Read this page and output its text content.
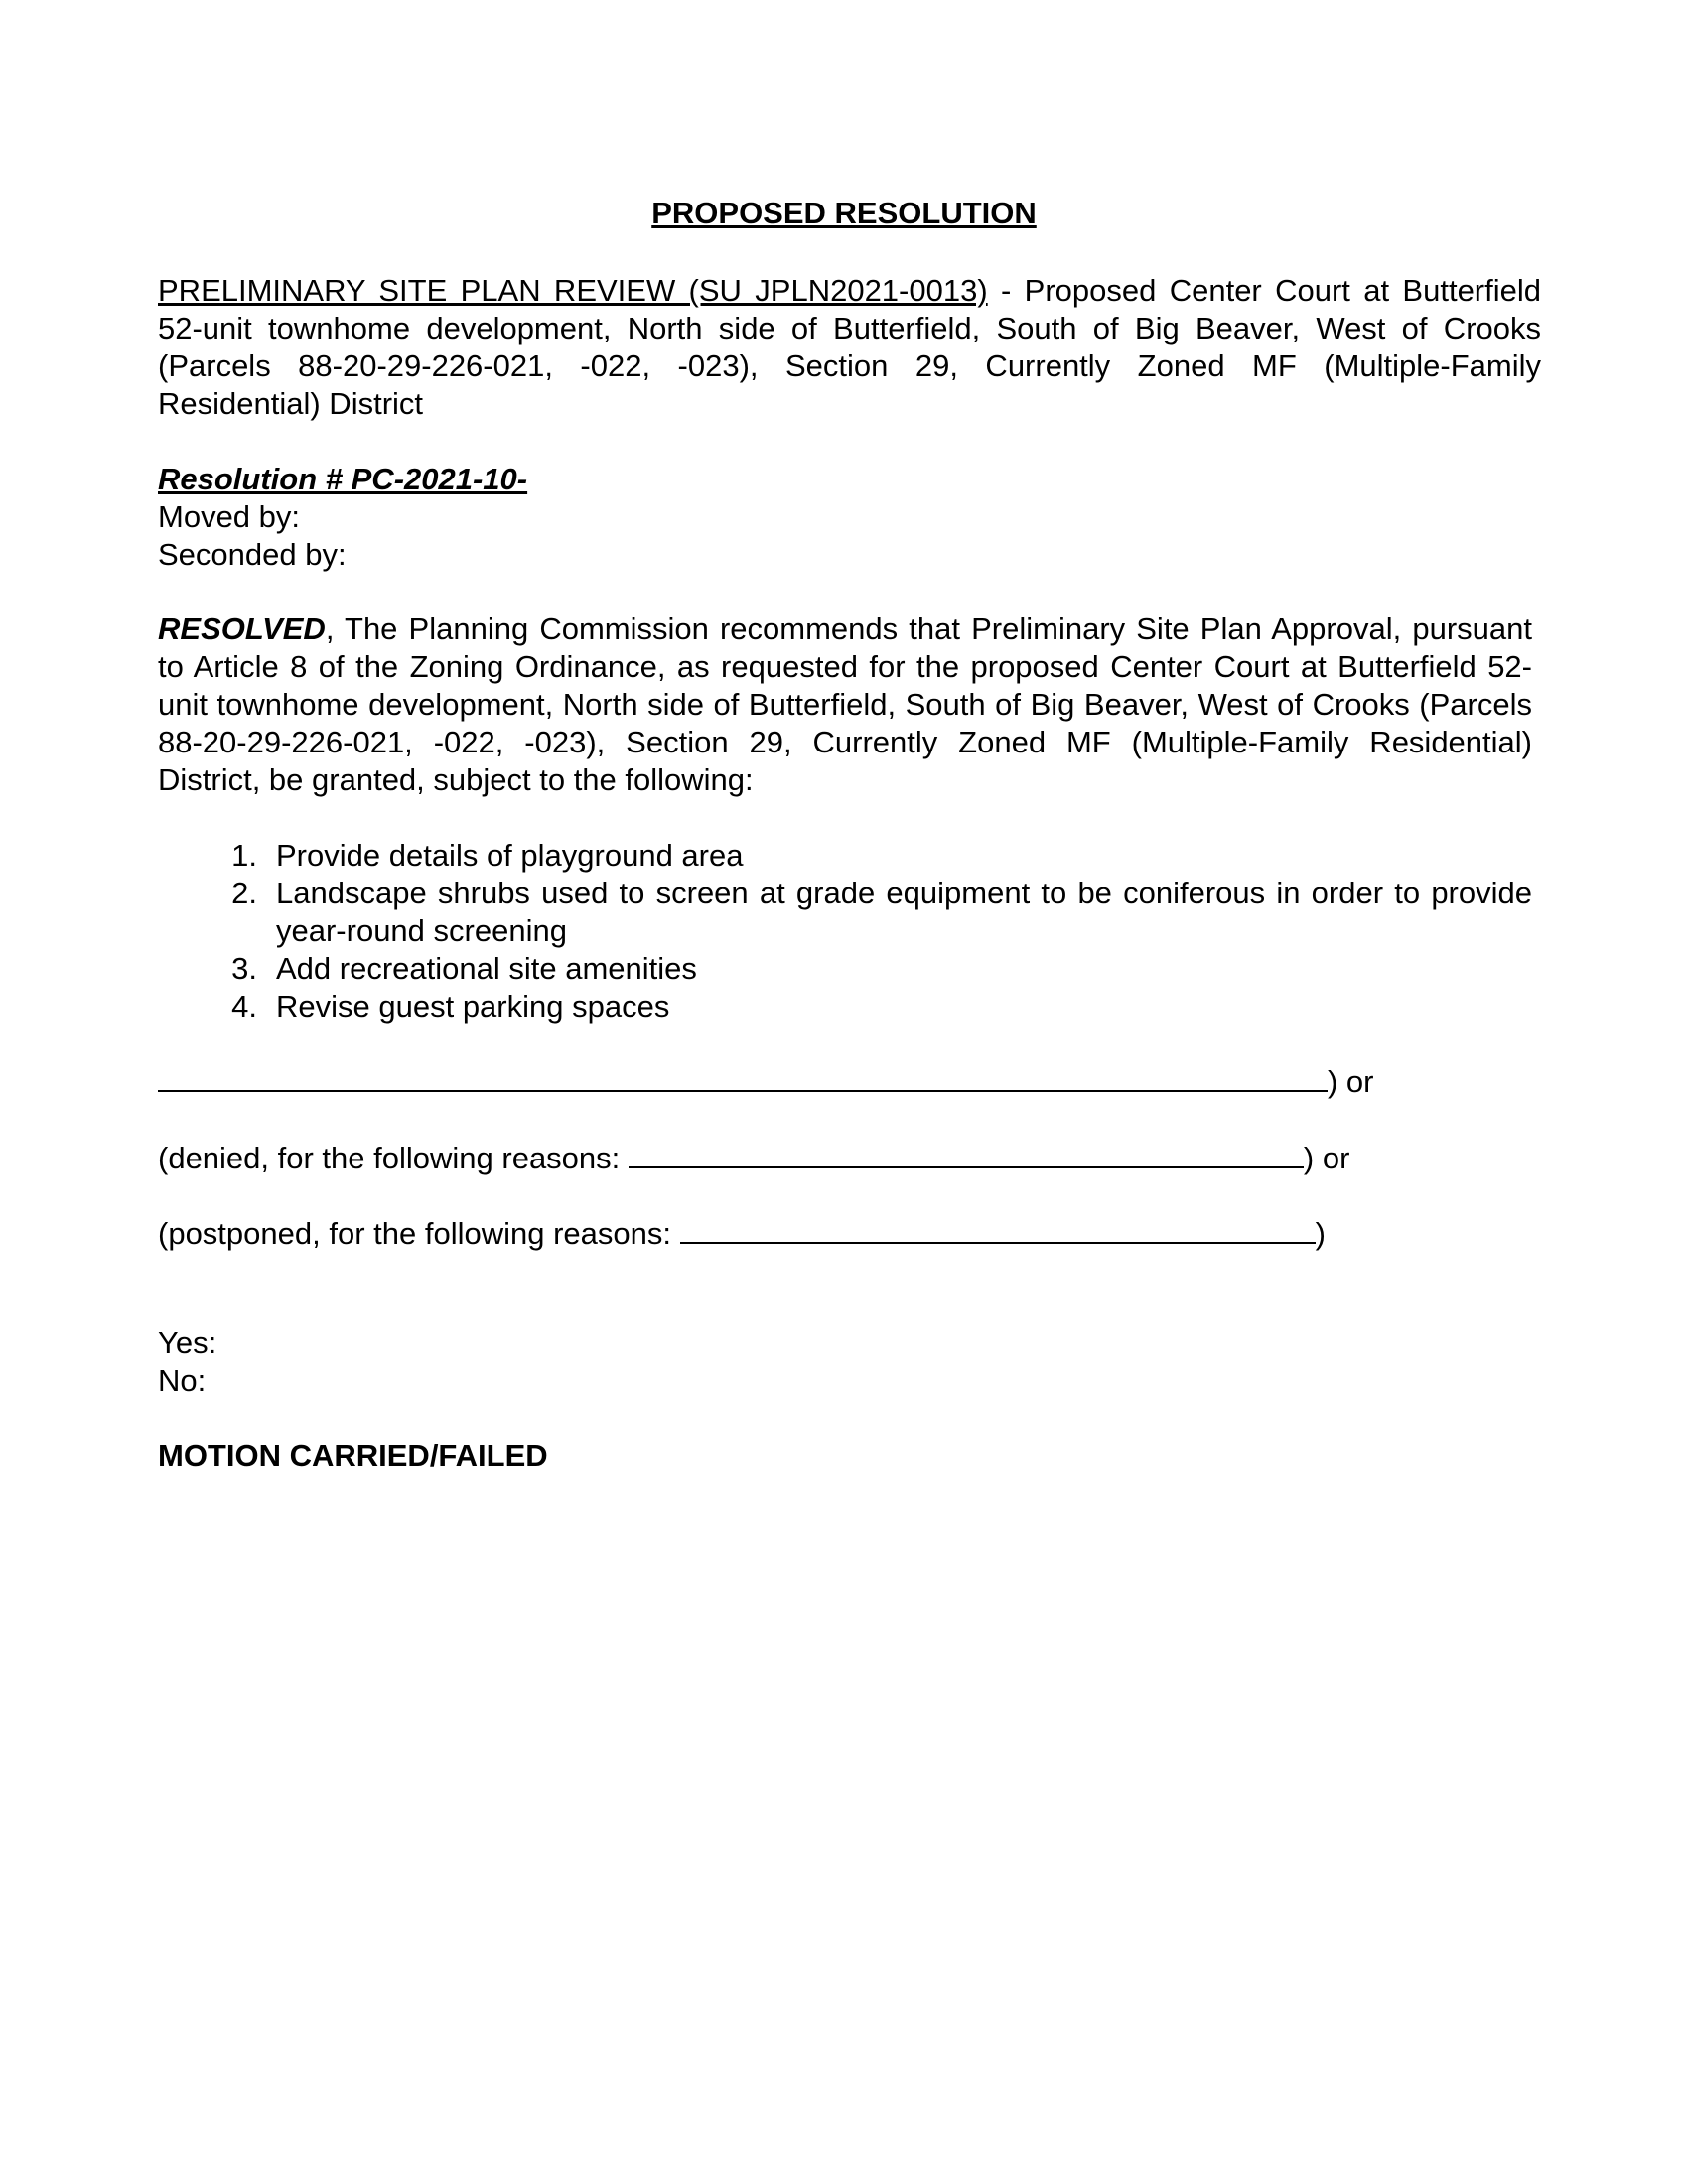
PROPOSED RESOLUTION
PRELIMINARY SITE PLAN REVIEW (SU JPLN2021-0013) - Proposed Center Court at Butterfield 52-unit townhome development, North side of Butterfield, South of Big Beaver, West of Crooks (Parcels 88-20-29-226-021, -022, -023), Section 29, Currently Zoned MF (Multiple-Family Residential) District
Resolution # PC-2021-10-
Moved by:
Seconded by:
RESOLVED, The Planning Commission recommends that Preliminary Site Plan Approval, pursuant to Article 8 of the Zoning Ordinance, as requested for the proposed Center Court at Butterfield 52-unit townhome development, North side of Butterfield, South of Big Beaver, West of Crooks (Parcels 88-20-29-226-021, -022, -023), Section 29, Currently Zoned MF (Multiple-Family Residential) District, be granted, subject to the following:
1. Provide details of playground area
2. Landscape shrubs used to screen at grade equipment to be coniferous in order to provide year-round screening
3. Add recreational site amenities
4. Revise guest parking spaces
) or
(denied, for the following reasons:	) or
(postponed, for the following reasons:	)
Yes:
No:
MOTION CARRIED/FAILED
